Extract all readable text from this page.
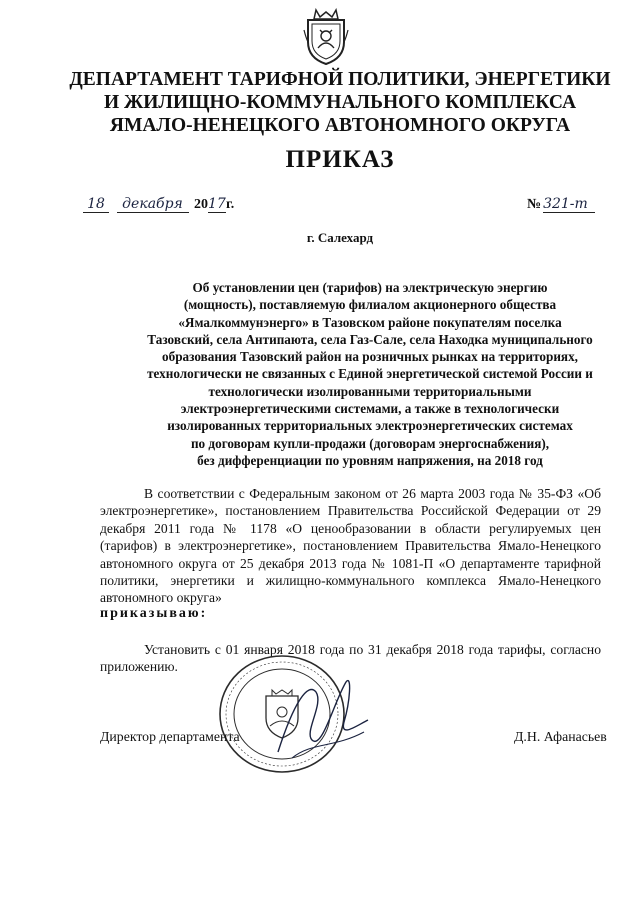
ДЕПАРТАМЕНТ ТАРИФНОЙ ПОЛИТИКИ, ЭНЕРГЕТИКИ
И ЖИЛИЩНО-КОММУНАЛЬНОГО КОМПЛЕКСА
ЯМАЛО-НЕНЕЦКОГО АВТОНОМНОГО ОКРУГА
ПРИКАЗ
18 декабря 2017г.	№ 321-т

г. Салехард

Об установлении цен (тарифов) на электрическую энергию
(мощность), поставляемую филиалом акционерного общества
«Ямалкоммунэнерго» в Тазовском районе покупателям поселка
Тазовский, села Антипаюта, села Газ-Сале, села Находка муниципального
образования Тазовский район на розничных рынках на территориях,
технологически не связанных с Единой энергетической системой России и
технологически изолированными территориальными
электроэнергетическими системами, а также в технологически
изолированных территориальных электроэнергетических системах
по договорам купли-продажи (договорам энергоснабжения),
без дифференциации по уровням напряжения, на 2018 год

В соответствии с Федеральным законом от 26 марта 2003 года № 35-ФЗ «Об электроэнергетике», постановлением Правительства Российской Федерации от 29 декабря 2011 года № 1178 «О ценообразовании в области регулируемых цен (тарифов) в электроэнергетике», постановлением Правительства Ямало-Ненецкого автономного округа от 25 декабря 2013 года № 1081-П «О департаменте тарифной политики, энергетики и жилищно-коммунального комплекса Ямало-Ненецкого автономного округа»

приказываю:

Установить с 01 января 2018 года по 31 декабря 2018 года тарифы, согласно приложению.

Директор департамента	Д.Н. Афанасьев
